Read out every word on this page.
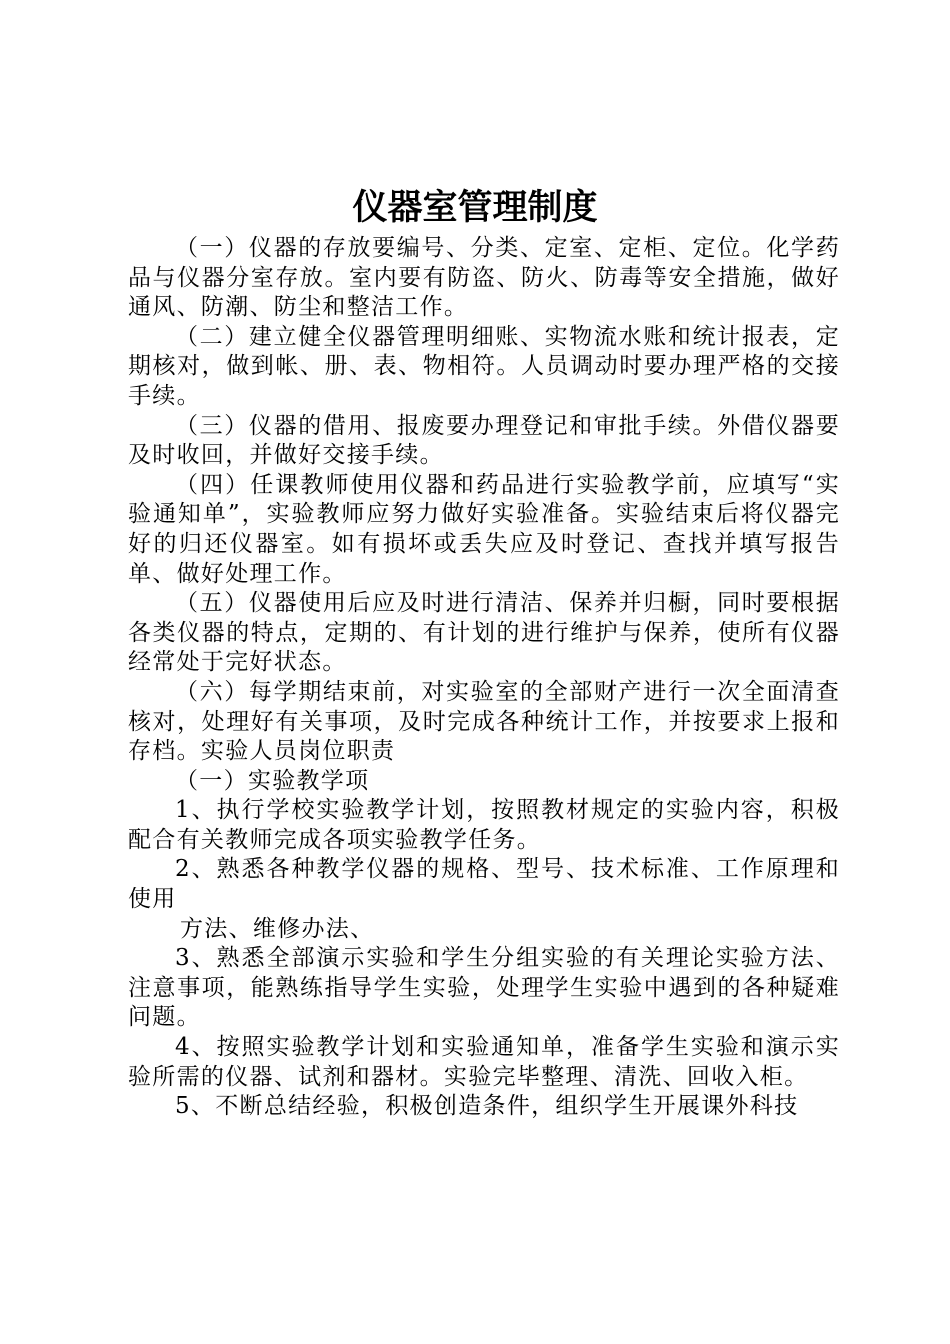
仪器室管理制度

（一）仪器的存放要编号、分类、定室、定柜、定位。化学药品与仪器分室存放。室内要有防盗、防火、防毒等安全措施，做好通风、防潮、防尘和整洁工作。

（二）建立健全仪器管理明细账、实物流水账和统计报表，定期核对，做到帐、册、表、物相符。人员调动时要办理严格的交接手续。

（三）仪器的借用、报废要办理登记和审批手续。外借仪器要及时收回，并做好交接手续。

（四）任课教师使用仪器和药品进行实验教学前，应填写“实验通知单”，实验教师应努力做好实验准备。实验结束后将仪器完好的归还仪器室。如有损坏或丢失应及时登记、查找并填写报告单、做好处理工作。

（五）仪器使用后应及时进行清洁、保养并归橱，同时要根据各类仪器的特点，定期的、有计划的进行维护与保养，使所有仪器经常处于完好状态。

（六）每学期结束前，对实验室的全部财产进行一次全面清查核对，处理好有关事项，及时完成各种统计工作，并按要求上报和存档。实验人员岗位职责

（一）实验教学项

1、执行学校实验教学计划，按照教材规定的实验内容，积极配合有关教师完成各项实验教学任务。

2、熟悉各种教学仪器的规格、型号、技术标准、工作原理和使用

方法、维修办法、

3、熟悉全部演示实验和学生分组实验的有关理论实验方法、注意事项，能熟练指导学生实验，处理学生实验中遇到的各种疑难问题。

4、按照实验教学计划和实验通知单，准备学生实验和演示实验所需的仪器、试剂和器材。实验完毕整理、清洗、回收入柜。

5、不断总结经验，积极创造条件，组织学生开展课外科技
